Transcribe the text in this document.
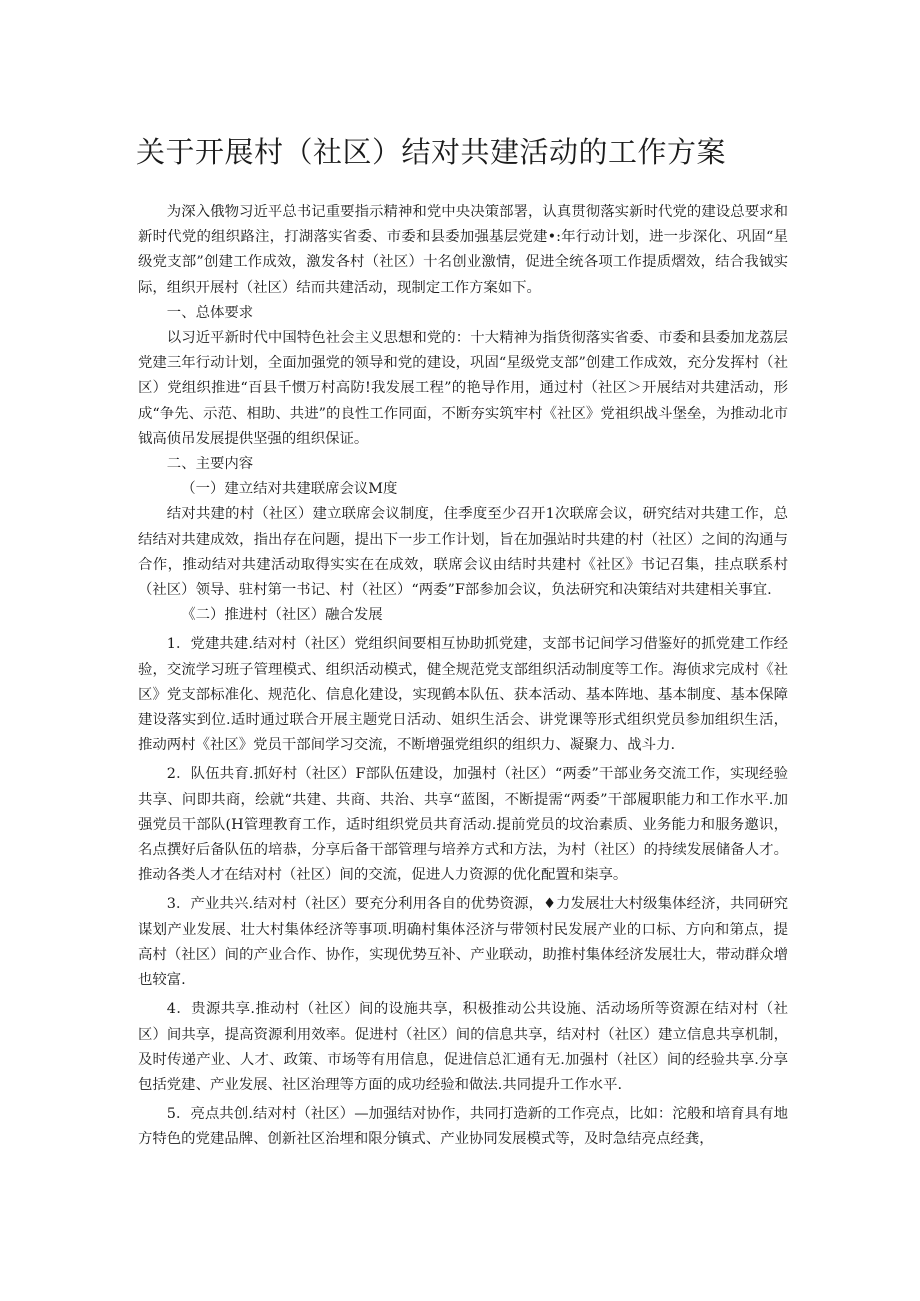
关于开展村（社区）结对共建活动的工作方案

为深入俄物习近平总书记重要指示精神和党中央决策部署，认真贯彻落实新时代党的建设总要求和新时代党的组织路注，打湖落实省委、市委和县委加强基层党建•:年行动计划，进一步深化、巩固“星级党支部”创建工作成效，激发各村（社区）十名创业激情，促进全统各项工作提质熠效，结合我钺实际，组织开展村（社区）结而共建活动，现制定工作方案如下。

一、总体要求

以习近平新时代中国特色社会主义思想和党的：十大精神为指货彻落实省委、市委和县委加龙荔层党建三年行动计划，全面加强党的领导和党的建设，巩固“星级党支部”创建工作成效，充分发挥村（社区）党组织推进“百县千惯万村高防!我发展工程”的艳导作用，通过村（社区＞开展结对共建活动，形成“争先、示范、相助、共进”的良性工作同面，不断夯实筑牢村《社区》党祖织战斗堡垒，为推动北市钺高侦吊发展提供坚强的组织保证。

二、主要内容

（一）建立结对共建联席会议M度

结对共建的村（社区）建立联席会议制度，住季度至少召开1次联席会议，研究结对共建工作，总结结对共建成效，指出存在问题，提出下一步工作计划，旨在加强站时共建的村（社区）之间的沟通与合作，推动结对共建活动取得实实在在成效，联席会议由结时共建村《社区》书记召集，挂点联系村（社区）领导、驻村第一书记、村（社区）“两委”F部参加会议，负法研究和决策结对共建相关事宜.

《二）推进村（社区）融合发展

1．党建共建.结对村（社区）党组织间要相互协助抓党建，支部书记间学习借鉴好的抓党建工作经验，交流学习班子管理模式、组织活动模式，健全规范党支部组织活动制度等工作。海侦求完成村《社区》党支部标准化、规范化、信息化建设，实现鹤本队伍、获本活动、基本阵地、基本制度、基本保障建设落实到位.适时通过联合开展主题党日活动、姐织生活会、讲党课等形式组织党员参加组织生活，推动两村《社区》党员干部间学习交流，不断增强党组织的组织力、凝聚力、战斗力.

2．队伍共育.抓好村（社区）F部队伍建设，加强村（社区）“两委”干部业务交流工作，实现经验共享、问即共商，绘就“共建、共商、共治、共享“蓝图，不断提需“两委”干部履职能力和工作水平.加强党员干部队(H管理教育工作，适时组织党员共育活动.提前党员的坟治素质、业务能力和服务邀识，名点撰好后备队伍的培恭，分享后备干部管理与培养方式和方法，为村（社区）的持续发展储备人才。推动各类人才在结对村（社区）间的交流，促进人力资源的优化配置和柒享。

3．产业共兴.结对村（社区）要充分利用各自的优势资源，♦力发展壮大村级集体经济，共同研究谋划产业发展、壮大村集体经济等事项.明确村集体泾济与带领村民发展产业的口标、方向和第点，提高村（社区）间的产业合作、协作，实现优势互补、产业联动，助推村集体经济发展壮大，带动群众增也较富.

4．贵源共享.推动村（社区）间的设施共享，积极推动公共设施、活动场所等资源在结对村（社区）间共享，提高资源利用效率。促进村（社区）间的信息共享，结对村（社区）建立信息共享机制，及时传递产业、人才、政策、市场等有用信息，促进信总汇通有无.加强村（社区）间的经验共享.分享包括党建、产业发展、社区治理等方面的成功经验和做法.共同提升工作水平.

5．亮点共创.结对村（社区）—加强结对协作，共同打造新的工作亮点，比如：沱般和培育具有地方特色的党建品牌、创新社区治埋和限分镇式、产业协同发展模式等，及时急结亮点经龚，
